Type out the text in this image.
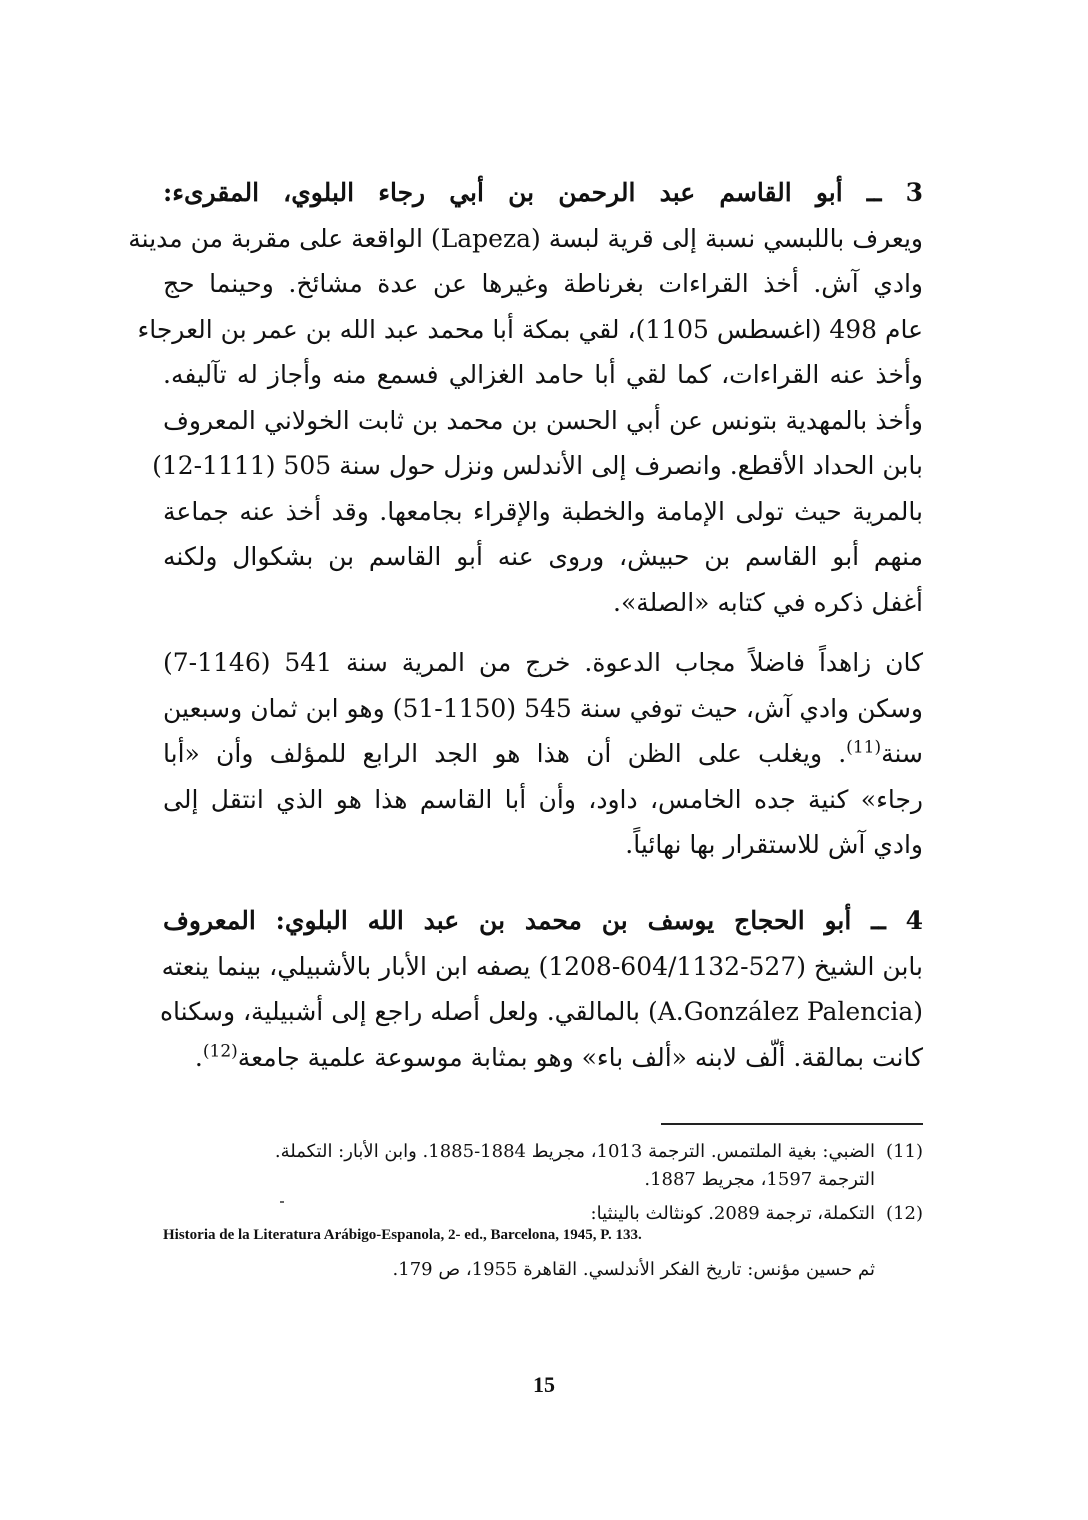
3 ــ أبو القاسم عبد الرحمن بن أبي رجاء البلوي، المقرىء:
ويعرف باللبسي نسبة إلى قرية لبسة (Lapeza) الواقعة على مقربة من مدينة
وادي آش. أخذ القراءات بغرناطة وغيرها عن عدة مشائخ. وحينما حج
عام 498 (اغسطس 1105)، لقي بمكة أبا محمد عبد الله بن عمر بن العرجاء
وأخذ عنه القراءات، كما لقي أبا حامد الغزالي فسمع منه وأجاز له تآليفه.
وأخذ بالمهدية بتونس عن أبي الحسن بن محمد بن ثابت الخولاني المعروف
بابن الحداد الأقطع. وانصرف إلى الأندلس ونزل حول سنة 505 (1111-12)
بالمرية حيث تولى الإمامة والخطبة والإقراء بجامعها. وقد أخذ عنه جماعة
منهم أبو القاسم بن حبيش، وروى عنه أبو القاسم بن بشكوال ولكنه
أغفل ذكره في كتابه «الصلة».
كان زاهداً فاضلاً مجاب الدعوة. خرج من المرية سنة 541 (1146-7)
وسكن وادي آش، حيث توفي سنة 545 (1150-51) وهو ابن ثمان وسبعين
سنة$^{(11)}$. ويغلب على الظن أن هذا هو الجد الرابع للمؤلف وأن «أبا
رجاء» كنية جده الخامس، داود، وأن أبا القاسم هذا هو الذي انتقل إلى
وادي آش للاستقرار بها نهائياً.
4 ــ أبو الحجاج يوسف بن محمد بن عبد الله البلوي: المعروف
بابن الشيخ (527-604/1132-1208) يصفه ابن الأبار بالأشبيلي، بينما ينعته
(A.González Palencia) بالمالقي. ولعل أصله راجع إلى أشبيلية، وسكناه
كانت بمالقة. ألّف لابنه «ألف باء» وهو بمثابة موسوعة علمية جامعة$^{(12)}$.
(11)
الضبي: بغية الملتمس. الترجمة 1013، مجريط 1884-1885. وابن الأبار: التكملة.
الترجمة 1597، مجريط 1887.
(12)
التكملة، ترجمة 2089. كونثالث بالينثيا:
Historia de la Literatura Arábigo-Espanola, 2- ed., Barcelona, 1945, P. 133.
ثم حسين مؤنس: تاريخ الفكر الأندلسي. القاهرة 1955، ص 179.
15
